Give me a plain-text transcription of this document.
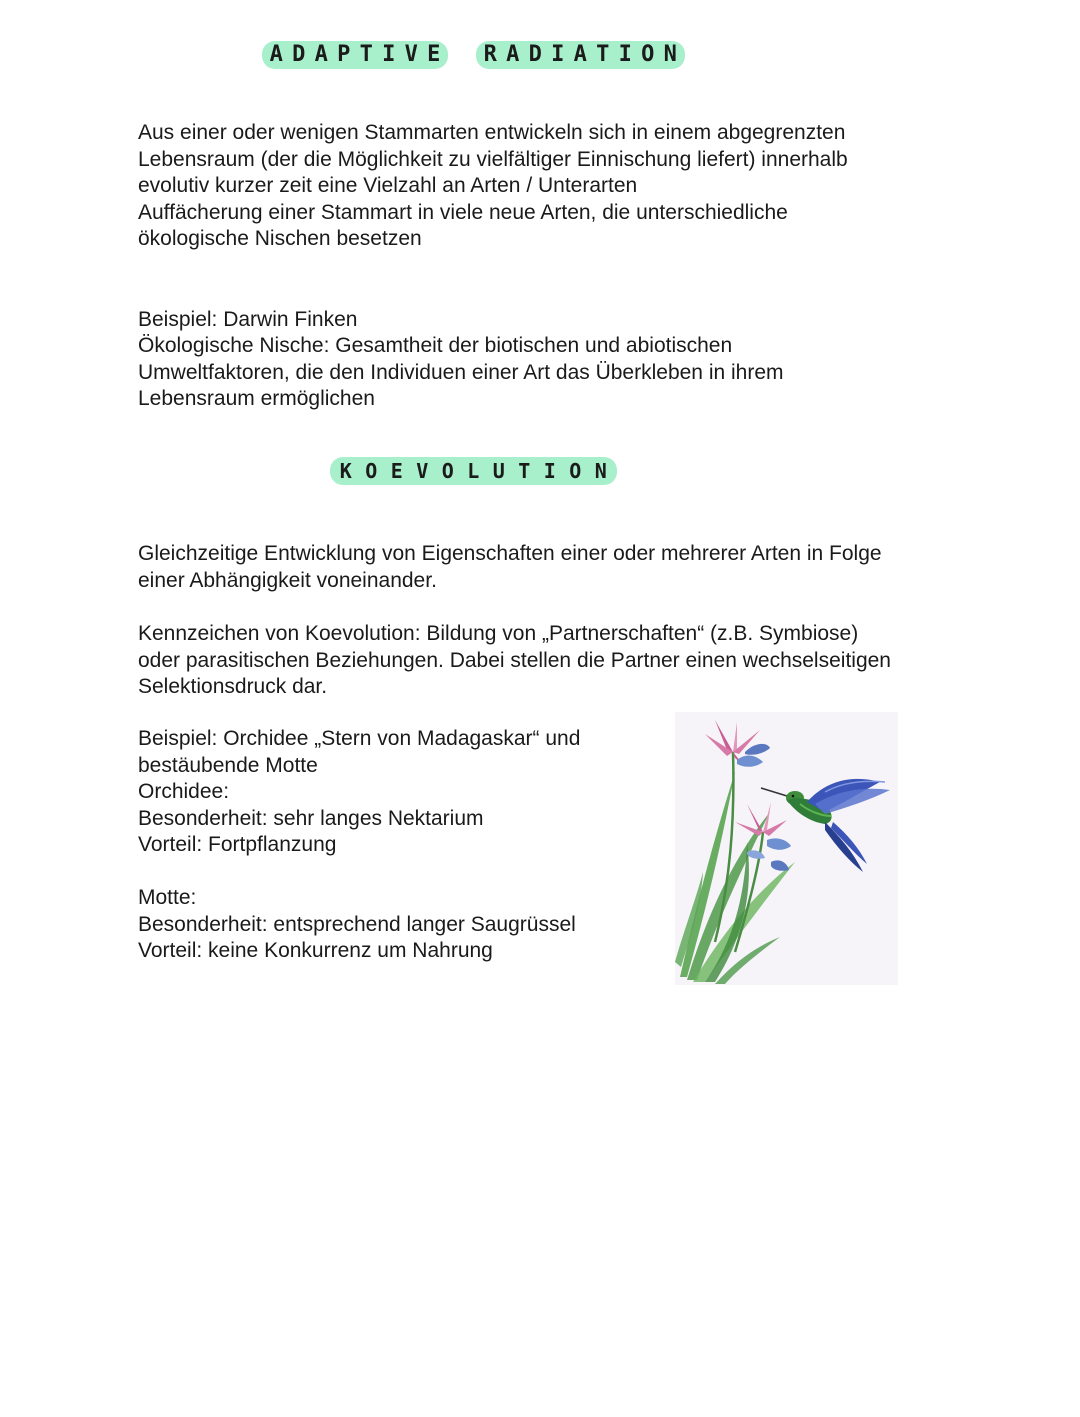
A D A P T I V E	R A D I A T I O N
Aus einer oder wenigen Stammarten entwickeln sich in einem abgegrenzten
Lebensraum (der die Möglichkeit zu vielfältiger Einnischung liefert) innerhalb
evolutiv kurzer zeit eine Vielzahl an Arten / Unterarten
Auffächerung einer Stammart in viele neue Arten, die unterschiedliche
ökologische Nischen besetzen

Beispiel: Darwin Finken

Ökologische Nische: Gesamtheit der biotischen und abiotischen
Umweltfaktoren, die den Individuen einer Art das Überkleben in ihrem
Lebensraum ermöglichen
K O E V O L U T I O N
Gleichzeitige Entwicklung von Eigenschaften einer oder mehrerer Arten in Folge
einer Abhängigkeit voneinander.
Kennzeichen von Koevolution: Bildung von „Partnerschaften“ (z.B. Symbiose)
oder parasitischen Beziehungen. Dabei stellen die Partner einen wechselseitigen
Selektionsdruck dar.
Beispiel: Orchidee „Stern von Madagaskar“ und
bestäubende Motte
Orchidee:
Besonderheit: sehr langes Nektarium
Vorteil: Fortpflanzung
Motte:
Besonderheit: entsprechend langer Saugrüssel
Vorteil: keine Konkurrenz um Nahrung
